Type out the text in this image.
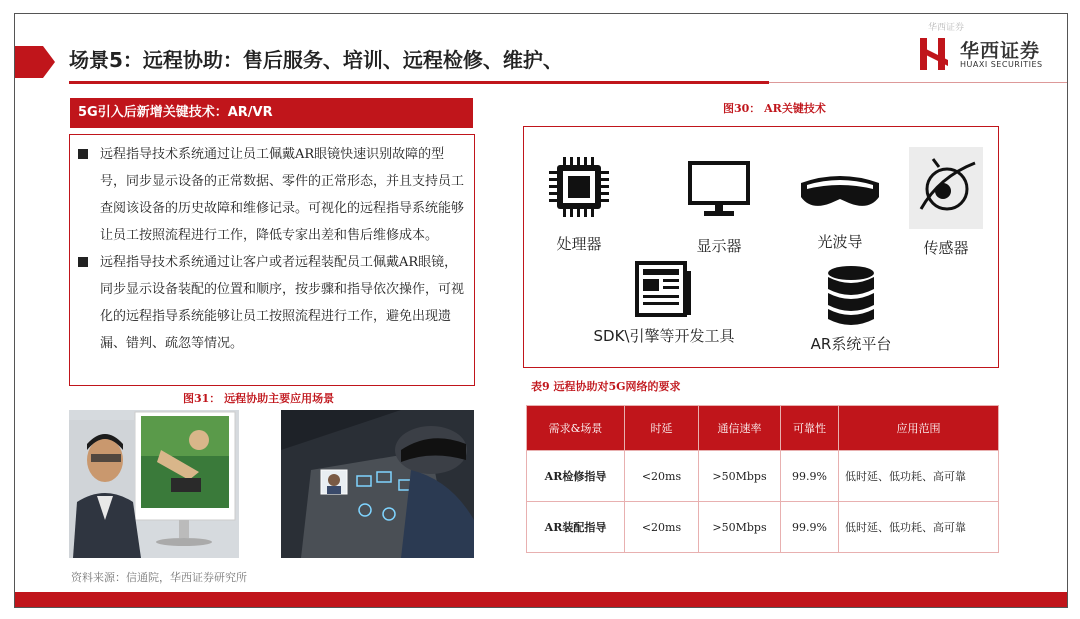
场景5：远程协助：售后服务、培训、远程检修、维护、
华西证券
华西证券
HUAXI SECURITIES
5G引入后新增关键技术：AR/VR

远程指导技术系统通过让员工佩戴AR眼镜快速识别故障的型号，同步显示设备的正常数据、零件的正常形态，并且支持员工查阅该设备的历史故障和维修记录。可视化的远程指导系统能够让员工按照流程进行工作，降低专家出差和售后维修成本。

远程指导技术系统通过让客户或者远程装配员工佩戴AR眼镜，同步显示设备装配的位置和顺序，按步骤和指导依次操作，可视化的远程指导系统能够让员工按照流程进行工作，避免出现遗漏、错判、疏忽等情况。

图31： 远程协助主要应用场景
资料来源：信通院，华西证券研究所
图30： AR关键技术
处理器	显示器	光波导	传感器
SDK\引擎等开发工具	AR系统平台
表9 远程协助对5G网络的要求
需求&场景	时延	通信速率	可靠性	应用范围
AR检修指导	<20ms	>50Mbps	99.9%	低时延、低功耗、高可靠
AR装配指导	<20ms	>50Mbps	99.9%	低时延、低功耗、高可靠
